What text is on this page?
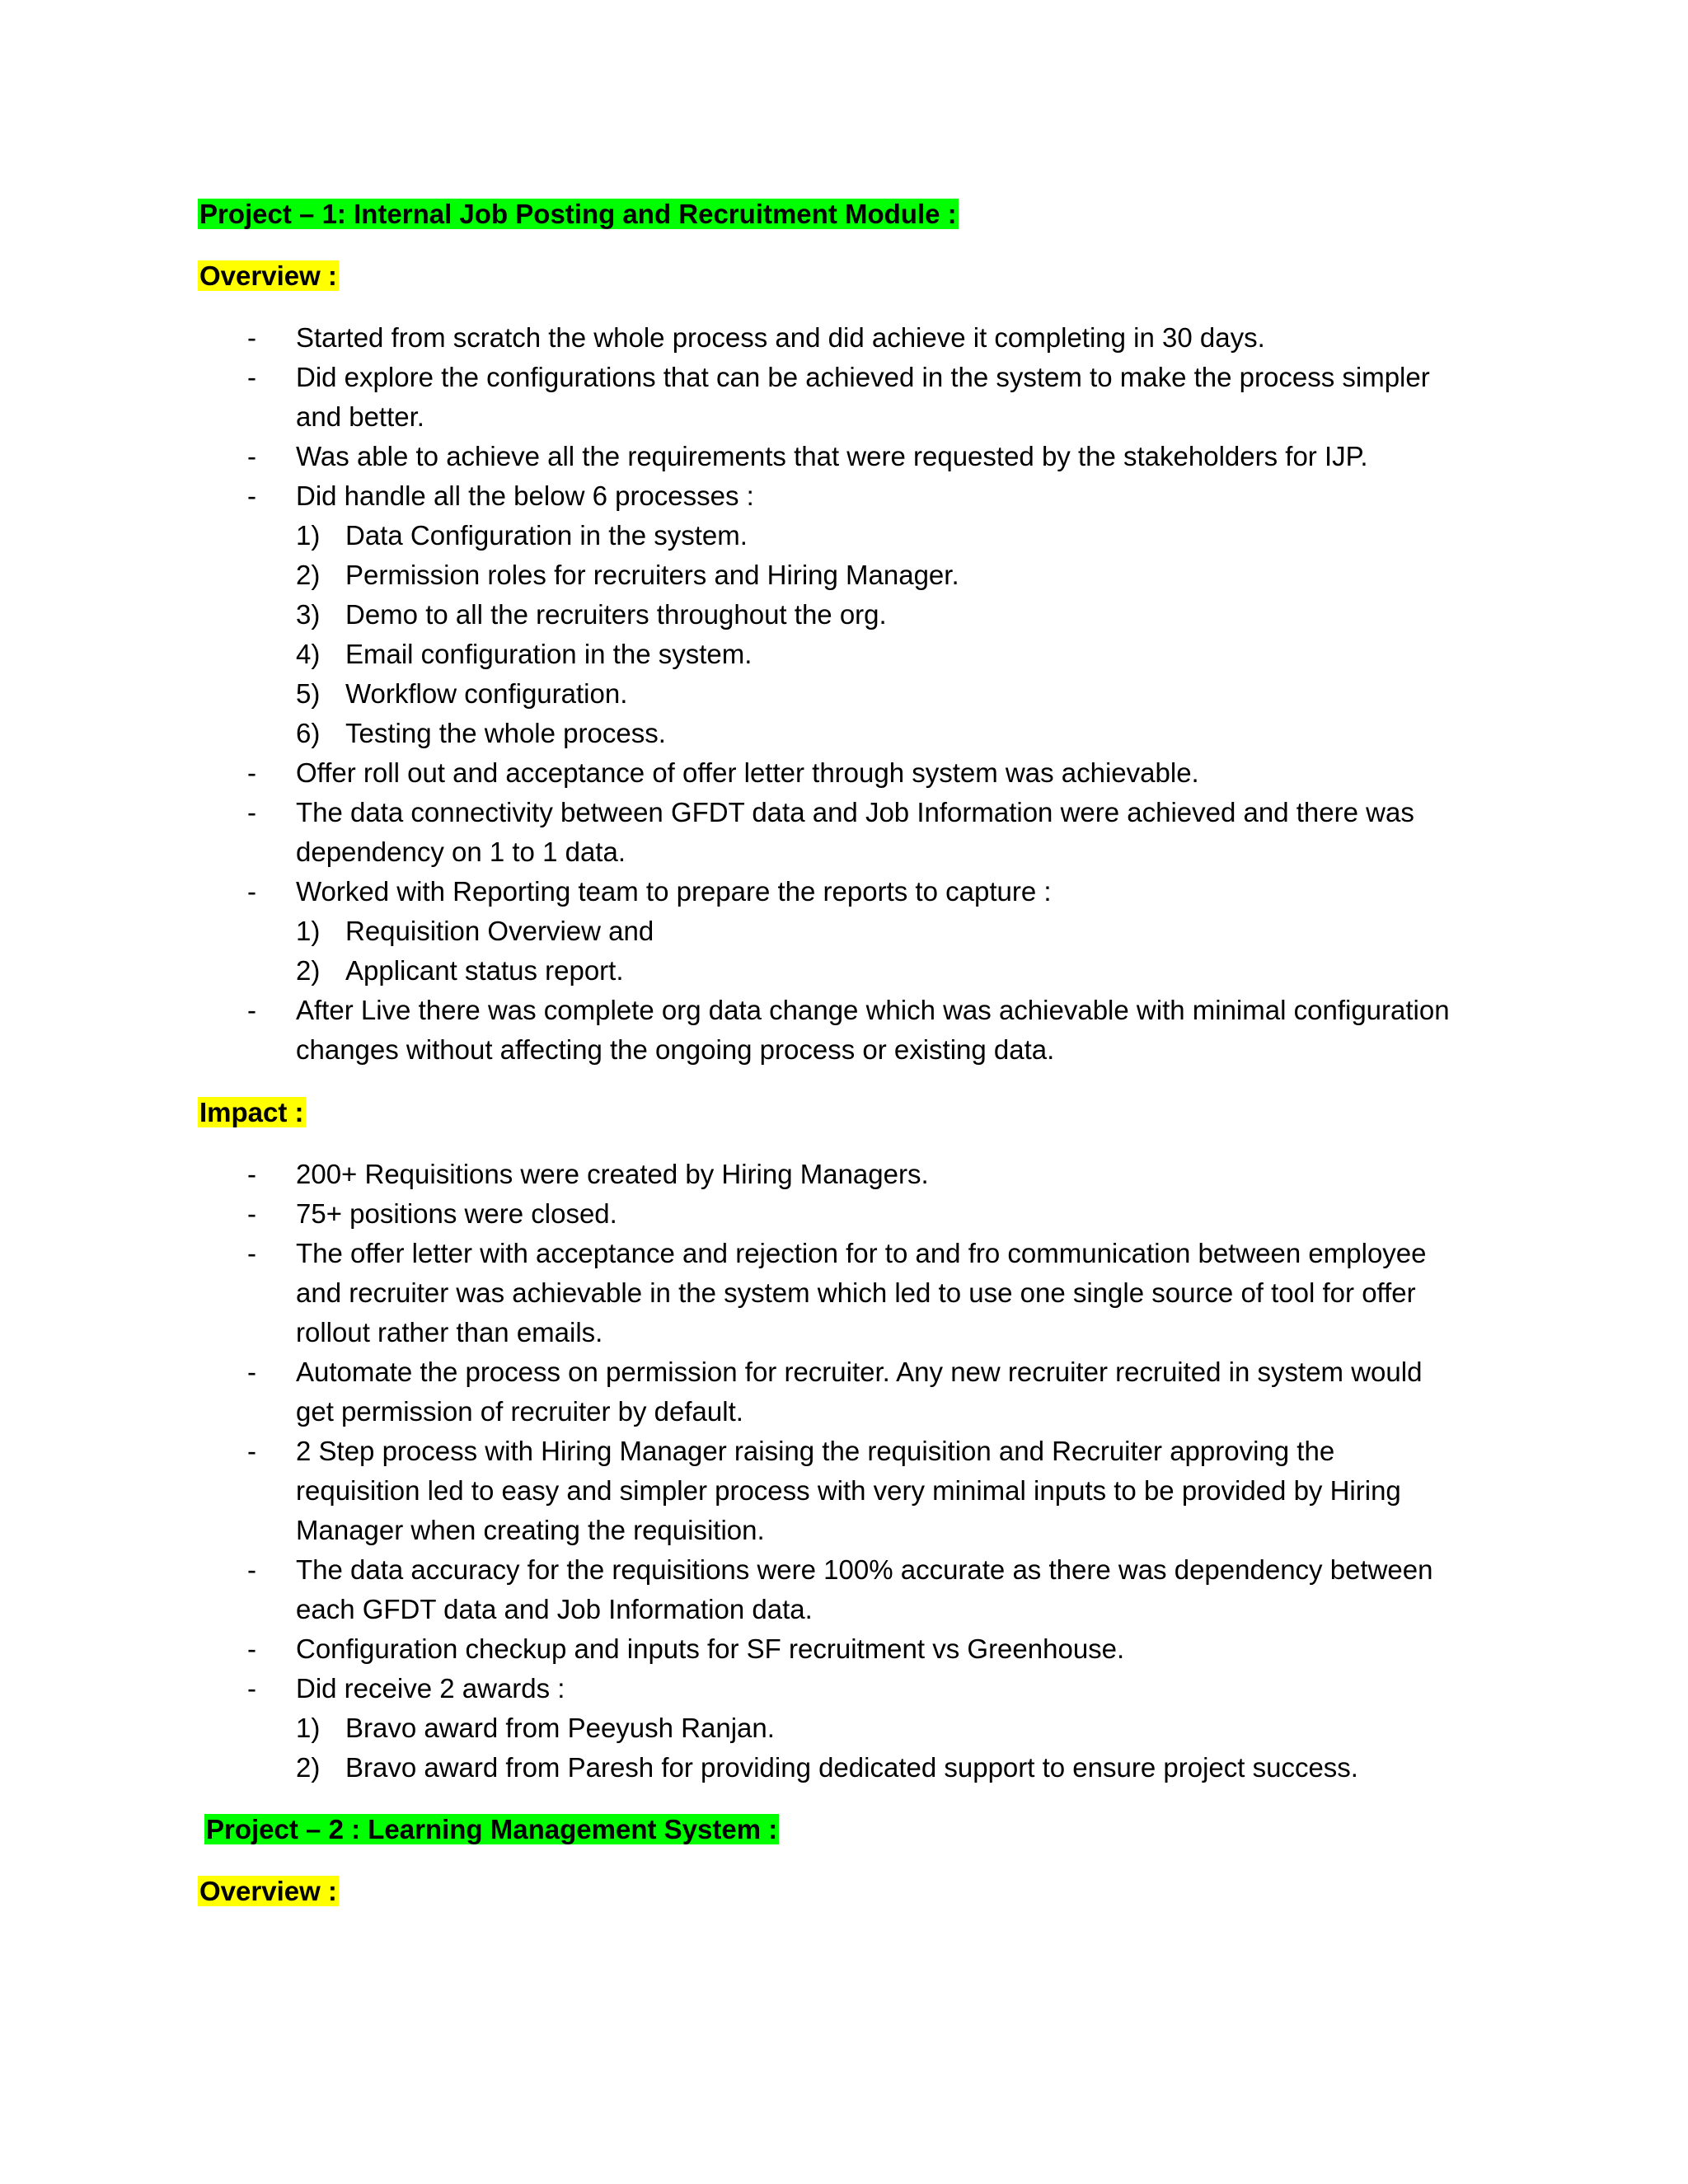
Project – 1: Internal Job Posting and Recruitment Module :
Overview :
- Started from scratch the whole process and did achieve it completing in 30 days.
- Did explore the configurations that can be achieved in the system to make the process simpler
and better.
- Was able to achieve all the requirements that were requested by the stakeholders for IJP.
- Did handle all the below 6 processes :
1) Data Configuration in the system.
2) Permission roles for recruiters and Hiring Manager.
3) Demo to all the recruiters throughout the org.
4) Email configuration in the system.
5) Workflow configuration.
6) Testing the whole process.
- Offer roll out and acceptance of offer letter through system was achievable.
- The data connectivity between GFDT data and Job Information were achieved and there was
dependency on 1 to 1 data.
- Worked with Reporting team to prepare the reports to capture :
1) Requisition Overview and
2) Applicant status report.
- After Live there was complete org data change which was achievable with minimal configuration
changes without affecting the ongoing process or existing data.
Impact :
- 200+ Requisitions were created by Hiring Managers.
- 75+ positions were closed.
- The offer letter with acceptance and rejection for to and fro communication between employee
and recruiter was achievable in the system which led to use one single source of tool for offer
rollout rather than emails.
- Automate the process on permission for recruiter. Any new recruiter recruited in system would
get permission of recruiter by default.
- 2 Step process with Hiring Manager raising the requisition and Recruiter approving the
requisition led to easy and simpler process with very minimal inputs to be provided by Hiring
Manager when creating the requisition.
- The data accuracy for the requisitions were 100% accurate as there was dependency between
each GFDT data and Job Information data.
- Configuration checkup and inputs for SF recruitment vs Greenhouse.
- Did receive 2 awards :
1) Bravo award from Peeyush Ranjan.
2) Bravo award from Paresh for providing dedicated support to ensure project success.
Project – 2 : Learning Management System :
Overview :
